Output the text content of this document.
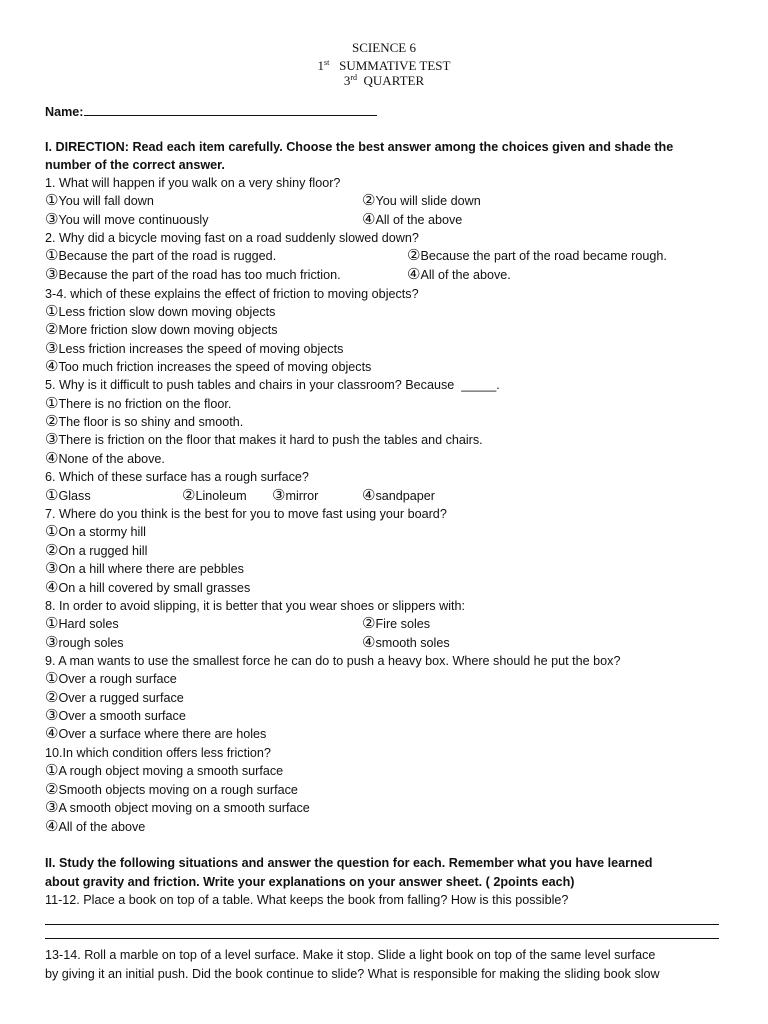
SCIENCE 6
1st SUMMATIVE TEST
3rd QUARTER
Name:
I. DIRECTION: Read each item carefully. Choose the best answer among the choices given and shade the
number of the correct answer.
1. What will happen if you walk on a very shiny floor?
①You will fall down	②You will slide down
③You will move continuously	④All of the above
2. Why did a bicycle moving fast on a road suddenly slowed down?
①Because the part of the road is rugged.	②Because the part of the road became rough.
③Because the part of the road has too much friction.	④All of the above.
3-4. which of these explains the effect of friction to moving objects?
①Less friction slow down moving objects
②More friction slow down moving objects
③Less friction increases the speed of moving objects
④Too much friction increases the speed of moving objects
5. Why is it difficult to push tables and chairs in your classroom? Because _____.
①There is no friction on the floor.
②The floor is so shiny and smooth.
③There is friction on the floor that makes it hard to push the tables and chairs.
④None of the above.
6. Which of these surface has a rough surface?
①Glass	②Linoleum ③mirror	④sandpaper
7. Where do you think is the best for you to move fast using your board?
①On a stormy hill
②On a rugged hill
③On a hill where there are pebbles
④On a hill covered by small grasses
8. In order to avoid slipping, it is better that you wear shoes or slippers with:
①Hard soles	②Fire soles
③rough soles	④smooth soles
9. A man wants to use the smallest force he can do to push a heavy box. Where should he put the box?
①Over a rough surface
②Over a rugged surface
③Over a smooth surface
④Over a surface where there are holes
10.In which condition offers less friction?
①A rough object moving a smooth surface
②Smooth objects moving on a rough surface
③A smooth object moving on a smooth surface
④All of the above
II. Study the following situations and answer the question for each. Remember what you have learned
about gravity and friction. Write your explanations on your answer sheet. ( 2points each)
11-12. Place a book on top of a table. What keeps the book from falling? How is this possible?
13-14. Roll a marble on top of a level surface. Make it stop. Slide a light book on top of the same level surface
by giving it an initial push. Did the book continue to slide? What is responsible for making the sliding book slow
